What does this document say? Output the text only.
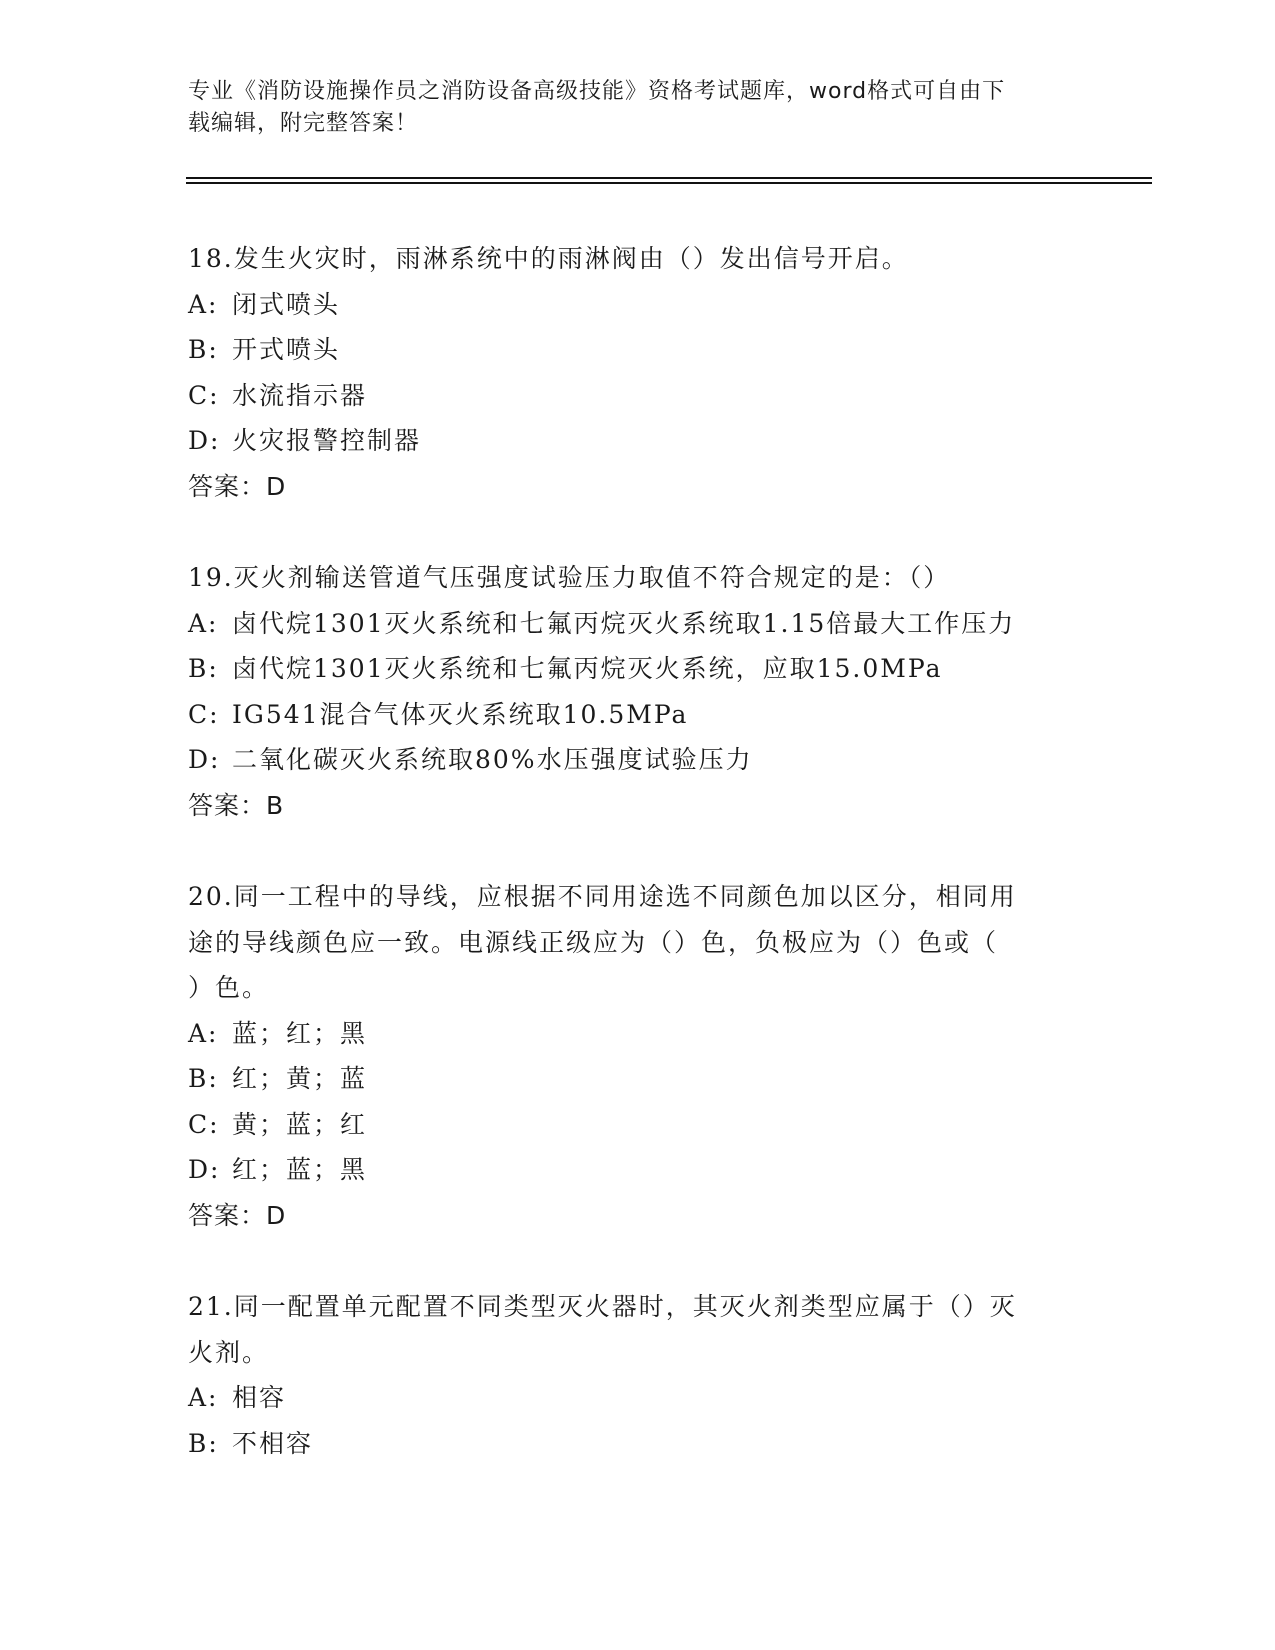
专业《消防设施操作员之消防设备高级技能》资格考试题库，word格式可自由下
载编辑，附完整答案！
18.发生火灾时，雨淋系统中的雨淋阀由（）发出信号开启。
A: 闭式喷头
B: 开式喷头
C: 水流指示器
D: 火灾报警控制器
答案：D
19.灭火剂输送管道气压强度试验压力取值不符合规定的是：（）
A: 卤代烷1301灭火系统和七氟丙烷灭火系统取1.15倍最大工作压力
B: 卤代烷1301灭火系统和七氟丙烷灭火系统，应取15.0MPa
C: IG541混合气体灭火系统取10.5MPa
D: 二氧化碳灭火系统取80%水压强度试验压力
答案：B
20.同一工程中的导线，应根据不同用途选不同颜色加以区分，相同用
途的导线颜色应一致。电源线正级应为（）色，负极应为（）色或（
）色。
A: 蓝；红；黑
B: 红；黄；蓝
C: 黄；蓝；红
D: 红；蓝；黑
答案：D
21.同一配置单元配置不同类型灭火器时，其灭火剂类型应属于（）灭
火剂。
A: 相容
B: 不相容
